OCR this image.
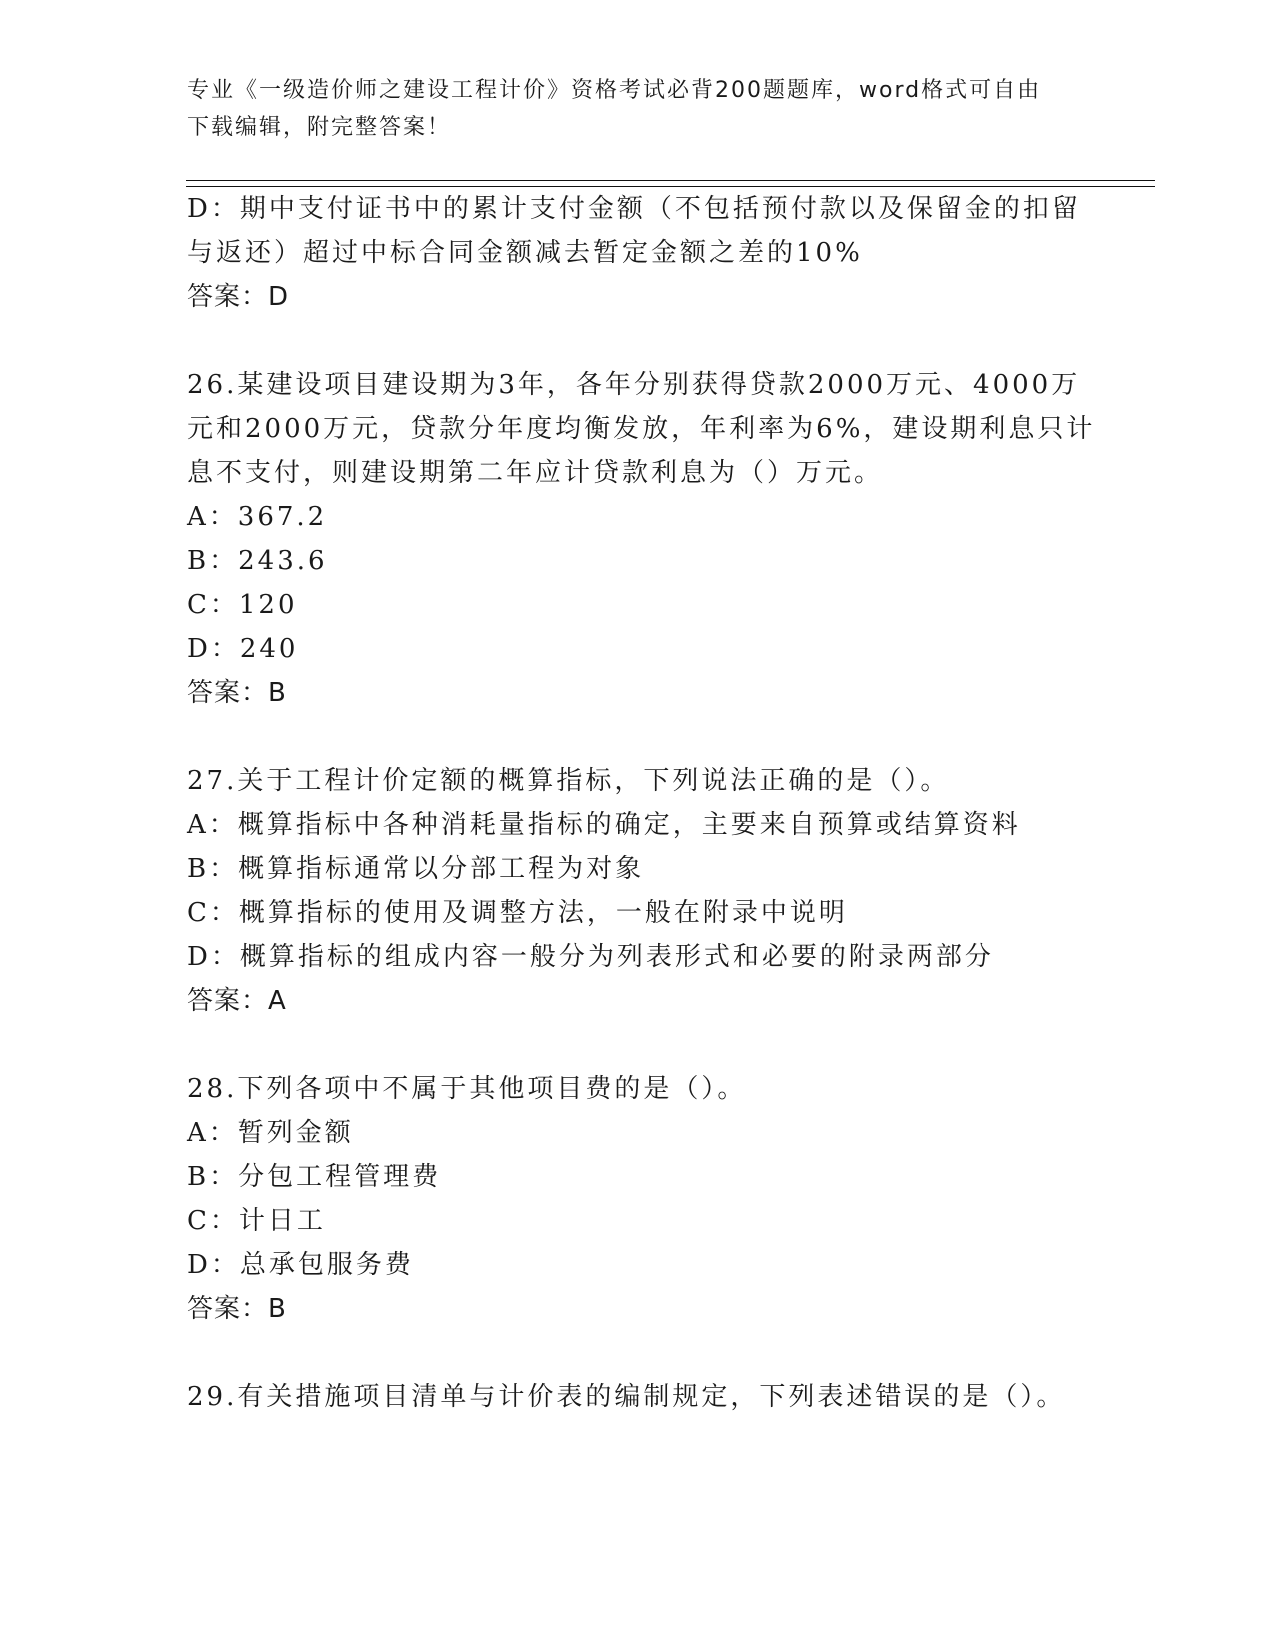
专业《一级造价师之建设工程计价》资格考试必背200题题库，word格式可自由
下载编辑，附完整答案！
D：期中支付证书中的累计支付金额（不包括预付款以及保留金的扣留
与返还）超过中标合同金额减去暂定金额之差的10%
答案：D
26.某建设项目建设期为3年，各年分别获得贷款2000万元、4000万
元和2000万元，贷款分年度均衡发放，年利率为6%，建设期利息只计
息不支付，则建设期第二年应计贷款利息为（）万元。
A：367.2
B：243.6
C：120
D：240
答案：B
27.关于工程计价定额的概算指标，下列说法正确的是（）。
A：概算指标中各种消耗量指标的确定，主要来自预算或结算资料
B：概算指标通常以分部工程为对象
C：概算指标的使用及调整方法，一般在附录中说明
D：概算指标的组成内容一般分为列表形式和必要的附录两部分
答案：A
28.下列各项中不属于其他项目费的是（）。
A：暂列金额
B：分包工程管理费
C：计日工
D：总承包服务费
答案：B
29.有关措施项目清单与计价表的编制规定，下列表述错误的是（）。
